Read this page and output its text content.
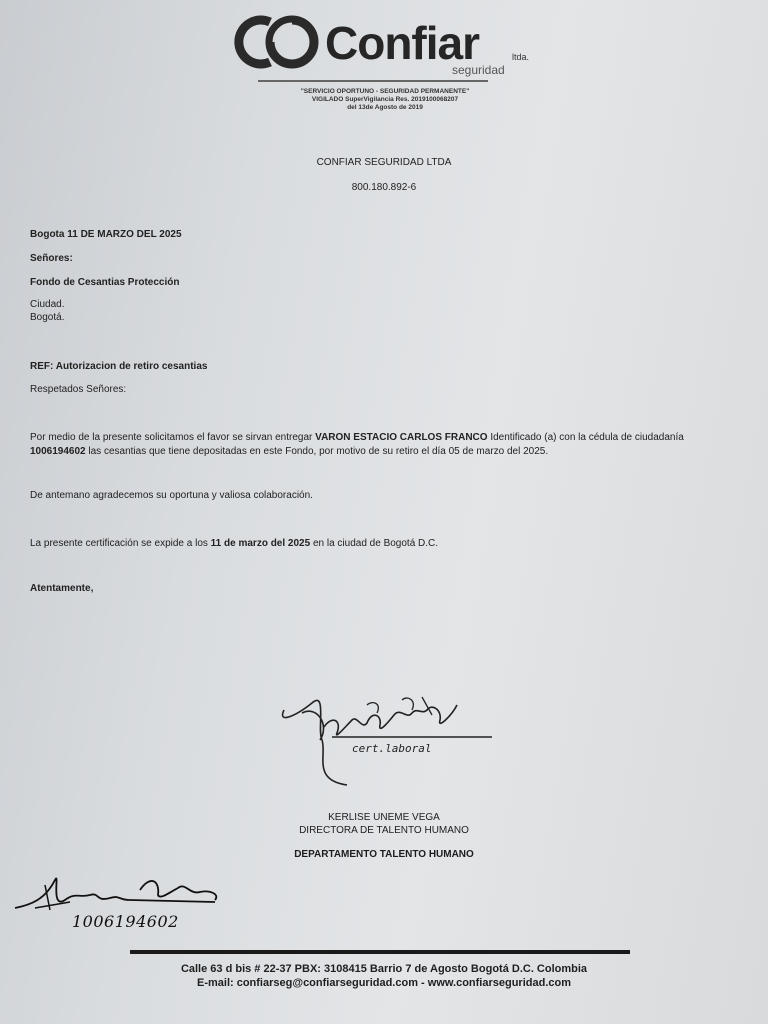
Confiar	ltda.
seguridad
"SERVICIO OPORTUNO - SEGURIDAD PERMANENTE"
VIGILADO SuperVigilancia Res. 2019100068207
del 13de Agosto de 2019
CONFIAR SEGURIDAD LTDA
800.180.892-6
Bogota 11 DE MARZO DEL 2025
Señores:
Fondo de Cesantias Protección
Ciudad.
Bogotá.
REF: Autorizacion de retiro cesantias
Respetados Señores:
Por medio de la presente solicitamos el favor se sirvan entregar VARON ESTACIO CARLOS FRANCO Identificado (a) con la cédula de ciudadanía
1006194602 las cesantias que tiene depositadas en este Fondo, por motivo de su retiro el día 05 de marzo del 2025.
De antemano agradecemos su oportuna y valiosa colaboración.
La presente certificación se expide a los 11 de marzo del 2025 en la ciudad de Bogotá D.C.
Atentamente,
cert.laboral
KERLISE UNEME VEGA
DIRECTORA DE TALENTO HUMANO
DEPARTAMENTO TALENTO HUMANO
1006194602
Calle 63 d bis # 22-37 PBX: 3108415 Barrio 7 de Agosto Bogotá D.C. Colombia
E-mail: confiarseg@confiarseguridad.com - www.confiarseguridad.com
